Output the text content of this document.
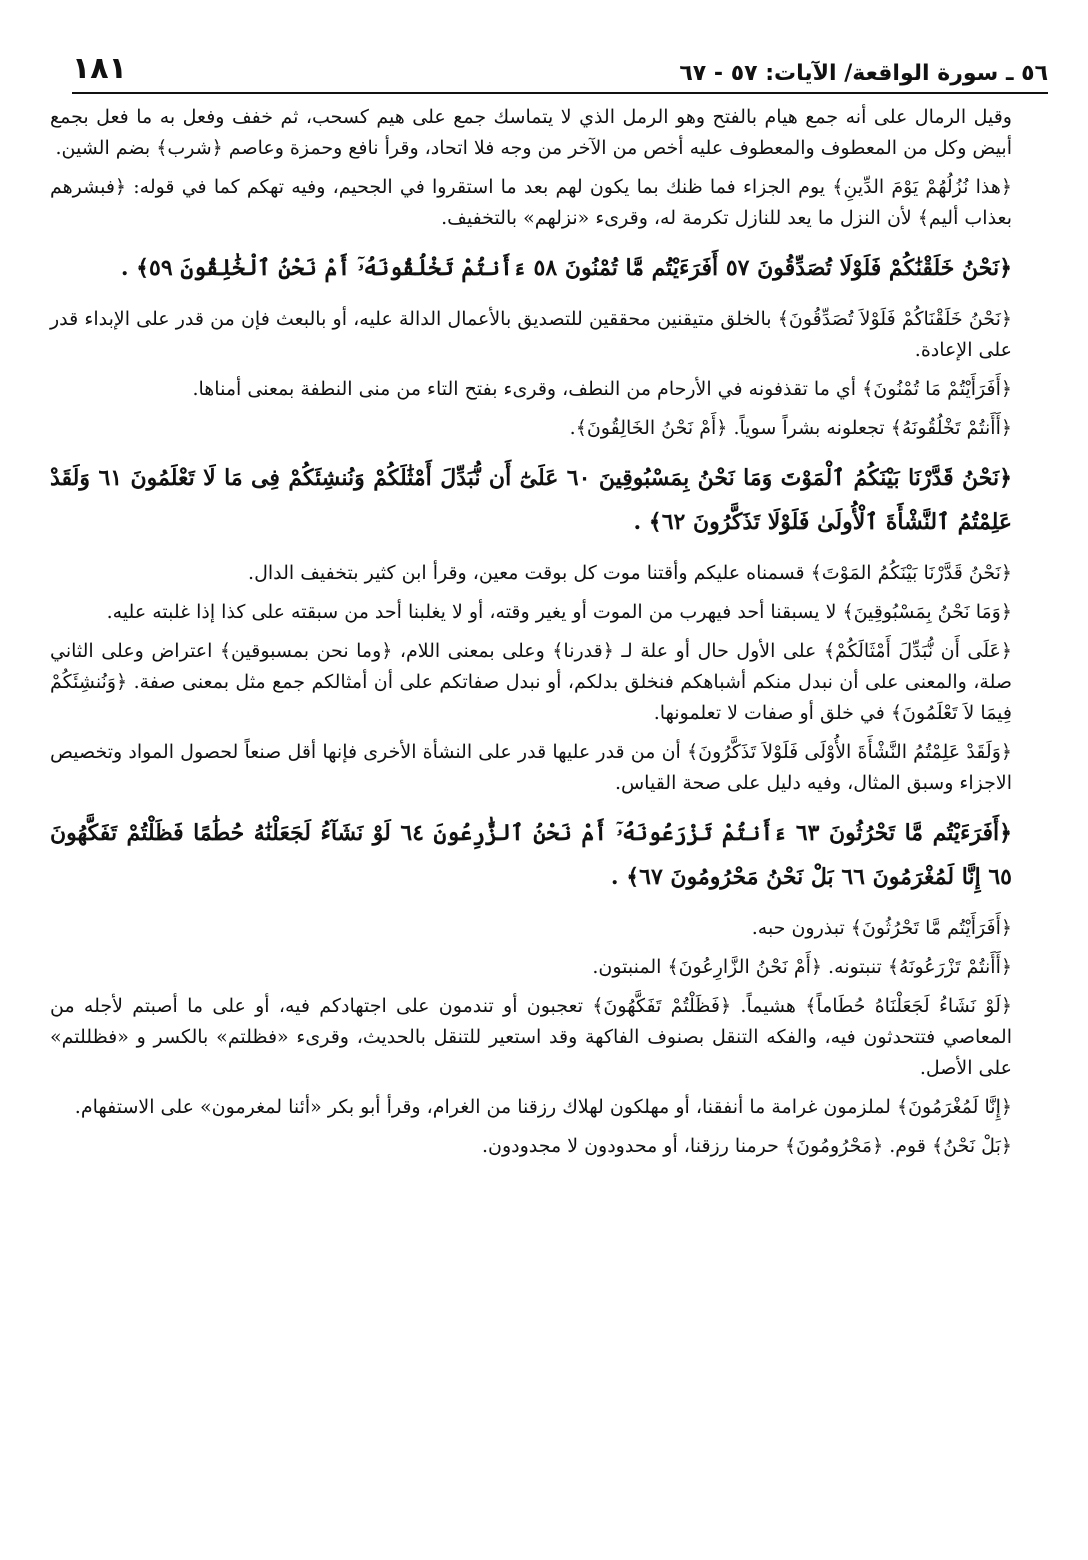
٥٦ ـ سورة الواقعة/ الآيات: ٥٧ - ٦٧
١٨١

وقيل الرمال على أنه جمع هيام بالفتح وهو الرمل الذي لا يتماسك جمع على هيم كسحب، ثم خفف وفعل به ما فعل بجمع أبيض وكل من المعطوف والمعطوف عليه أخص من الآخر من وجه فلا اتحاد، وقرأ نافع وحمزة وعاصم ﴿شرب﴾ بضم الشين.

﴿هذا نُزُلُهُمْ يَوْمَ الدِّينِ﴾ يوم الجزاء فما ظنك بما يكون لهم بعد ما استقروا في الجحيم، وفيه تهكم كما في قوله: ﴿فبشرهم بعذاب أليم﴾ لأن النزل ما يعد للنازل تكرمة له، وقرىء «نزلهم» بالتخفيف.

﴿نَحْنُ خَلَقْنَٰكُمْ فَلَوْلَا تُصَدِّقُونَ ٥٧ أَفَرَءَيْتُم مَّا تُمْنُونَ ٥٨ ءَأَنتُمْ تَخْلُقُونَهُۥٓ أَمْ نَحْنُ ٱلْخَٰلِقُونَ ٥٩﴾ .

﴿نَحْنُ خَلَقْنَاكُمْ فَلَوْلاَ تُصَدِّقُونَ﴾ بالخلق متيقنين محققين للتصديق بالأعمال الدالة عليه، أو بالبعث فإن من قدر على الإبداء قدر على الإعادة.

﴿أَفَرَأَيْتُمْ مَا تُمْنُونَ﴾ أي ما تقذفونه في الأرحام من النطف، وقرىء بفتح التاء من منى النطفة بمعنى أمناها.

﴿أَأَنتُمْ تَخْلُقُونَهُ﴾ تجعلونه بشراً سوياً. ﴿أَمْ نَحْنُ الخَالِقُونَ﴾.

﴿نَحْنُ قَدَّرْنَا بَيْنَكُمُ ٱلْمَوْتَ وَمَا نَحْنُ بِمَسْبُوقِينَ ٦٠ عَلَىٰٓ أَن نُّبَدِّلَ أَمْثَٰلَكُمْ وَنُنشِئَكُمْ فِى مَا لَا تَعْلَمُونَ ٦١ وَلَقَدْ عَلِمْتُمُ ٱلنَّشْأَةَ ٱلْأُولَىٰ فَلَوْلَا تَذَكَّرُونَ ٦٢﴾ .

﴿نَحْنُ قَدَّرْنَا بَيْنَكُمُ المَوْتَ﴾ قسمناه عليكم وأقتنا موت كل بوقت معين، وقرأ ابن كثير بتخفيف الدال.

﴿وَمَا نَحْنُ بِمَسْبُوقِينَ﴾ لا يسبقنا أحد فيهرب من الموت أو يغير وقته، أو لا يغلبنا أحد من سبقته على كذا إذا غلبته عليه.

﴿عَلَى أَن نُّبَدِّلَ أَمْثَالَكُمْ﴾ على الأول حال أو علة لـ ﴿قدرنا﴾ وعلى بمعنى اللام، ﴿وما نحن بمسبوقين﴾ اعتراض وعلى الثاني صلة، والمعنى على أن نبدل منكم أشباهكم فنخلق بدلكم، أو نبدل صفاتكم على أن أمثالكم جمع مثل بمعنى صفة. ﴿وَنُنشِئَكُمْ فِيمَا لاَ تَعْلَمُونَ﴾ في خلق أو صفات لا تعلمونها.

﴿وَلَقَدْ عَلِمْتُمُ النَّشْأَةَ الأُوْلَى فَلَوْلاَ تَذَكَّرُونَ﴾ أن من قدر عليها قدر على النشأة الأخرى فإنها أقل صنعاً لحصول المواد وتخصيص الاجزاء وسبق المثال، وفيه دليل على صحة القياس.

﴿أَفَرَءَيْتُم مَّا تَحْرُثُونَ ٦٣ ءَأَنتُمْ تَزْرَعُونَهُۥٓ أَمْ نَحْنُ ٱلزَّٰرِعُونَ ٦٤ لَوْ نَشَآءُ لَجَعَلْنَٰهُ حُطَٰمًا فَظَلْتُمْ تَفَكَّهُونَ ٦٥ إِنَّا لَمُغْرَمُونَ ٦٦ بَلْ نَحْنُ مَحْرُومُونَ ٦٧﴾ .

﴿أَفَرَأَيْتُم مَّا تَحْرُثُونَ﴾ تبذرون حبه.

﴿أَأَنتُمْ تَزْرَعُونَهُ﴾ تنبتونه. ﴿أَمْ نَحْنُ الزَّارِعُونَ﴾ المنبتون.

﴿لَوْ نَشَاءُ لَجَعَلْنَاهُ حُطَاماً﴾ هشيماً. ﴿فَظَلْتُمْ تَفَكَّهُونَ﴾ تعجبون أو تندمون على اجتهادكم فيه، أو على ما أصبتم لأجله من المعاصي فتتحدثون فيه، والفكه التنقل بصنوف الفاكهة وقد استعير للتنقل بالحديث، وقرىء «فظلتم» بالكسر و «فظللتم» على الأصل.

﴿إِنَّا لَمُغْرَمُونَ﴾ لملزمون غرامة ما أنفقنا، أو مهلكون لهلاك رزقنا من الغرام، وقرأ أبو بكر «أئنا لمغرمون» على الاستفهام.

﴿بَلْ نَحْنُ﴾ قوم. ﴿مَحْرُومُونَ﴾ حرمنا رزقنا، أو محدودون لا مجدودون.
